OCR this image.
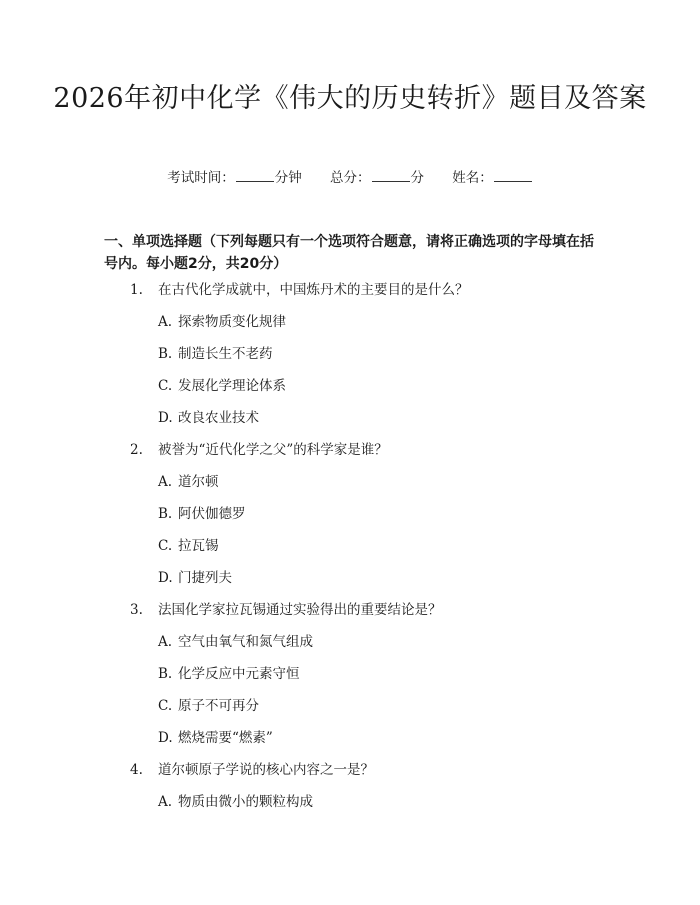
2026年初中化学《伟大的历史转折》题目及答案
考试时间：	分钟 总分：	分 姓名：

一、单项选择题（下列每题只有一个选项符合题意，请将正确选项的字母填在括号内。每小题2分，共20分）

1. 在古代化学成就中，中国炼丹术的主要目的是什么？
A. 探索物质变化规律
B. 制造长生不老药
C. 发展化学理论体系
D. 改良农业技术
2. 被誉为“近代化学之父”的科学家是谁？
A. 道尔顿
B. 阿伏伽德罗
C. 拉瓦锡
D. 门捷列夫
3. 法国化学家拉瓦锡通过实验得出的重要结论是？
A. 空气由氧气和氮气组成
B. 化学反应中元素守恒
C. 原子不可再分
D. 燃烧需要“燃素”
4. 道尔顿原子学说的核心内容之一是？
A. 物质由微小的颗粒构成
